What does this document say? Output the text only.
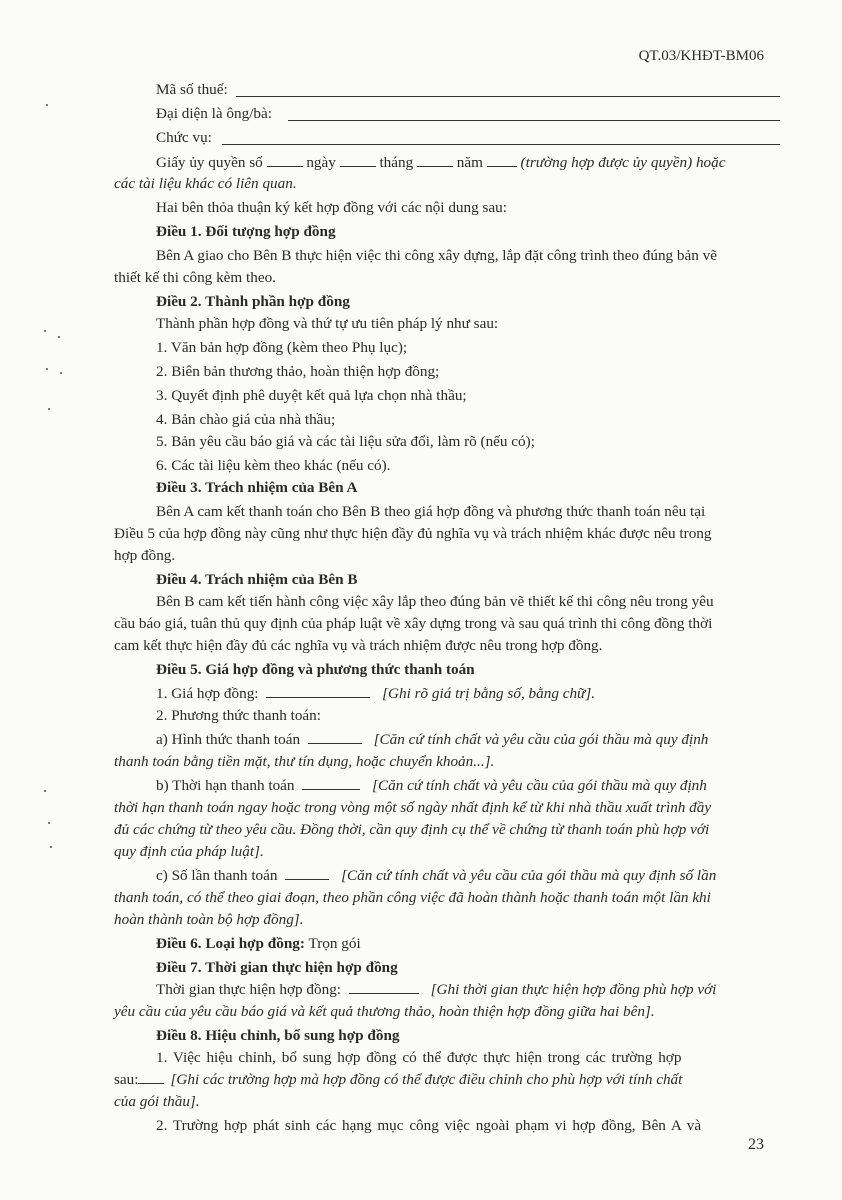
QT.03/KHĐT-BM06
Mã số thuế:
Đại diện là ông/bà:
Chức vụ:
Giấy ủy quyền số	ngày	tháng	năm (trường hợp được ủy quyền) hoặc
các tài liệu khác có liên quan.
Hai bên thỏa thuận ký kết hợp đồng với các nội dung sau:
Điều 1. Đối tượng hợp đồng
Bên A giao cho Bên B thực hiện việc thi công xây dựng, lắp đặt công trình theo đúng bản vẽ
thiết kế thi công kèm theo.
Điều 2. Thành phần hợp đồng
Thành phần hợp đồng và thứ tự ưu tiên pháp lý như sau:
1. Văn bản hợp đồng (kèm theo Phụ lục);
2. Biên bản thương thảo, hoàn thiện hợp đồng;
3. Quyết định phê duyệt kết quả lựa chọn nhà thầu;
4. Bản chào giá của nhà thầu;
5. Bản yêu cầu báo giá và các tài liệu sửa đổi, làm rõ (nếu có);
6. Các tài liệu kèm theo khác (nếu có).
Điều 3. Trách nhiệm của Bên A
Bên A cam kết thanh toán cho Bên B theo giá hợp đồng và phương thức thanh toán nêu tại
Điều 5 của hợp đồng này cũng như thực hiện đầy đủ nghĩa vụ và trách nhiệm khác được nêu trong
hợp đồng.
Điều 4. Trách nhiệm của Bên B
Bên B cam kết tiến hành công việc xây lắp theo đúng bản vẽ thiết kế thi công nêu trong yêu
cầu báo giá, tuân thủ quy định của pháp luật về xây dựng trong và sau quá trình thi công đồng thời
cam kết thực hiện đầy đủ các nghĩa vụ và trách nhiệm được nêu trong hợp đồng.
Điều 5. Giá hợp đồng và phương thức thanh toán
1. Giá hợp đồng:	[Ghi rõ giá trị bằng số, bằng chữ].
2. Phương thức thanh toán:
a) Hình thức thanh toán	[Căn cứ tính chất và yêu cầu của gói thầu mà quy định
thanh toán bằng tiền mặt, thư tín dụng, hoặc chuyển khoản...].
b) Thời hạn thanh toán	[Căn cứ tính chất và yêu cầu của gói thầu mà quy định
thời hạn thanh toán ngay hoặc trong vòng một số ngày nhất định kể từ khi nhà thầu xuất trình đầy
đủ các chứng từ theo yêu cầu. Đồng thời, cần quy định cụ thể về chứng từ thanh toán phù hợp với
quy định của pháp luật].
c) Số lần thanh toán	[Căn cứ tính chất và yêu cầu của gói thầu mà quy định số lần
thanh toán, có thể theo giai đoạn, theo phần công việc đã hoàn thành hoặc thanh toán một lần khi
hoàn thành toàn bộ hợp đồng].
Điều 6. Loại hợp đồng: Trọn gói
Điều 7. Thời gian thực hiện hợp đồng
Thời gian thực hiện hợp đồng:	[Ghi thời gian thực hiện hợp đồng phù hợp với
yêu cầu của yêu cầu báo giá và kết quả thương thảo, hoàn thiện hợp đồng giữa hai bên].
Điều 8. Hiệu chỉnh, bổ sung hợp đồng
1. Việc hiệu chỉnh, bổ sung hợp đồng có thể được thực hiện trong các trường hợp
sau: [Ghi các trường hợp mà hợp đồng có thể được điều chỉnh cho phù hợp với tính chất
của gói thầu].
2. Trường hợp phát sinh các hạng mục công việc ngoài phạm vi hợp đồng, Bên A và
23
